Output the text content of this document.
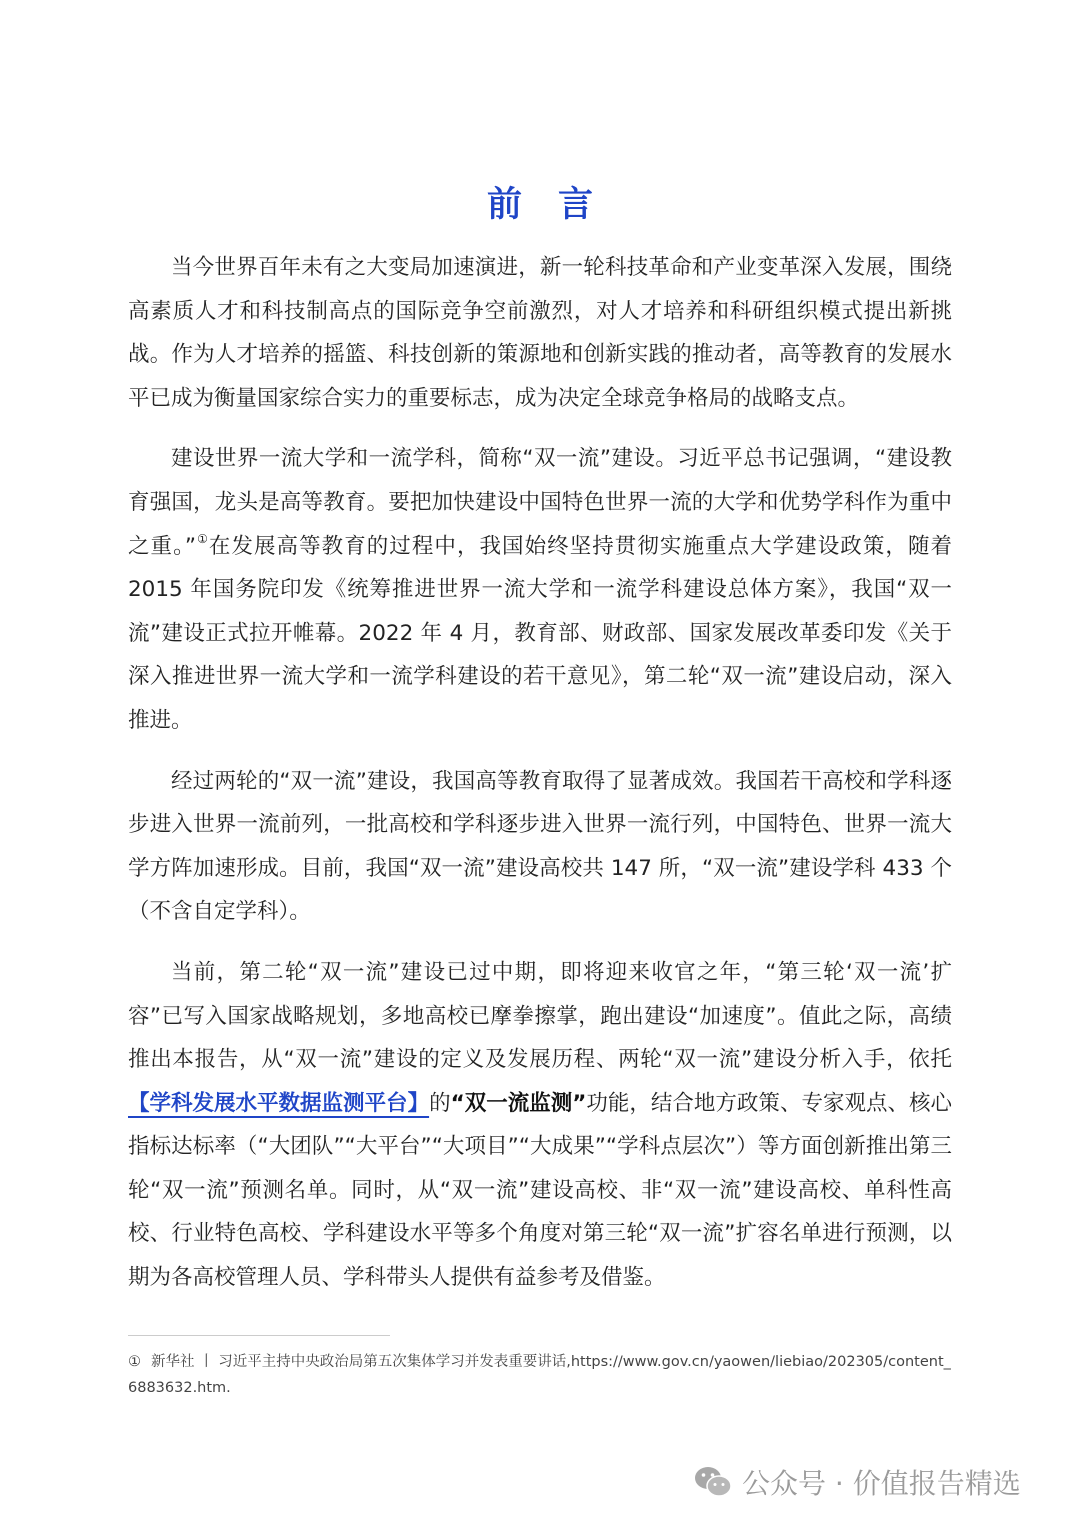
前言

当今世界百年未有之大变局加速演进，新一轮科技革命和产业变革深入发展，围绕高素质人才和科技制高点的国际竞争空前激烈，对人才培养和科研组织模式提出新挑战。作为人才培养的摇篮、科技创新的策源地和创新实践的推动者，高等教育的发展水平已成为衡量国家综合实力的重要标志，成为决定全球竞争格局的战略支点。

建设世界一流大学和一流学科，简称“双一流”建设。习近平总书记强调，“建设教育强国，龙头是高等教育。要把加快建设中国特色世界一流的大学和优势学科作为重中之重。”①在发展高等教育的过程中，我国始终坚持贯彻实施重点大学建设政策，随着2015 年国务院印发《统筹推进世界一流大学和一流学科建设总体方案》，我国“双一流”建设正式拉开帷幕。2022 年 4 月，教育部、财政部、国家发展改革委印发《关于深入推进世界一流大学和一流学科建设的若干意见》，第二轮“双一流”建设启动，深入推进。

经过两轮的“双一流”建设，我国高等教育取得了显著成效。我国若干高校和学科逐步进入世界一流前列，一批高校和学科逐步进入世界一流行列，中国特色、世界一流大学方阵加速形成。目前，我国“双一流”建设高校共 147 所，“双一流”建设学科 433 个（不含自定学科）。

当前，第二轮“双一流”建设已过中期，即将迎来收官之年，“第三轮‘双一流’扩容”已写入国家战略规划，多地高校已摩拳擦掌，跑出建设“加速度”。值此之际，高绩推出本报告，从“双一流”建设的定义及发展历程、两轮“双一流”建设分析入手，依托【学科发展水平数据监测平台】的“双一流监测”功能，结合地方政策、专家观点、核心指标达标率（“大团队”“大平台”“大项目”“大成果”“学科点层次”）等方面创新推出第三轮“双一流”预测名单。同时，从“双一流”建设高校、非“双一流”建设高校、单科性高校、行业特色高校、学科建设水平等多个角度对第三轮“双一流”扩容名单进行预测，以期为各高校管理人员、学科带头人提供有益参考及借鉴。

① 新华社 丨 习近平主持中央政治局第五次集体学习并发表重要讲话,https://www.gov.cn/yaowen/liebiao/202305/content_6883632.htm.
公众号 · 价值报告精选
